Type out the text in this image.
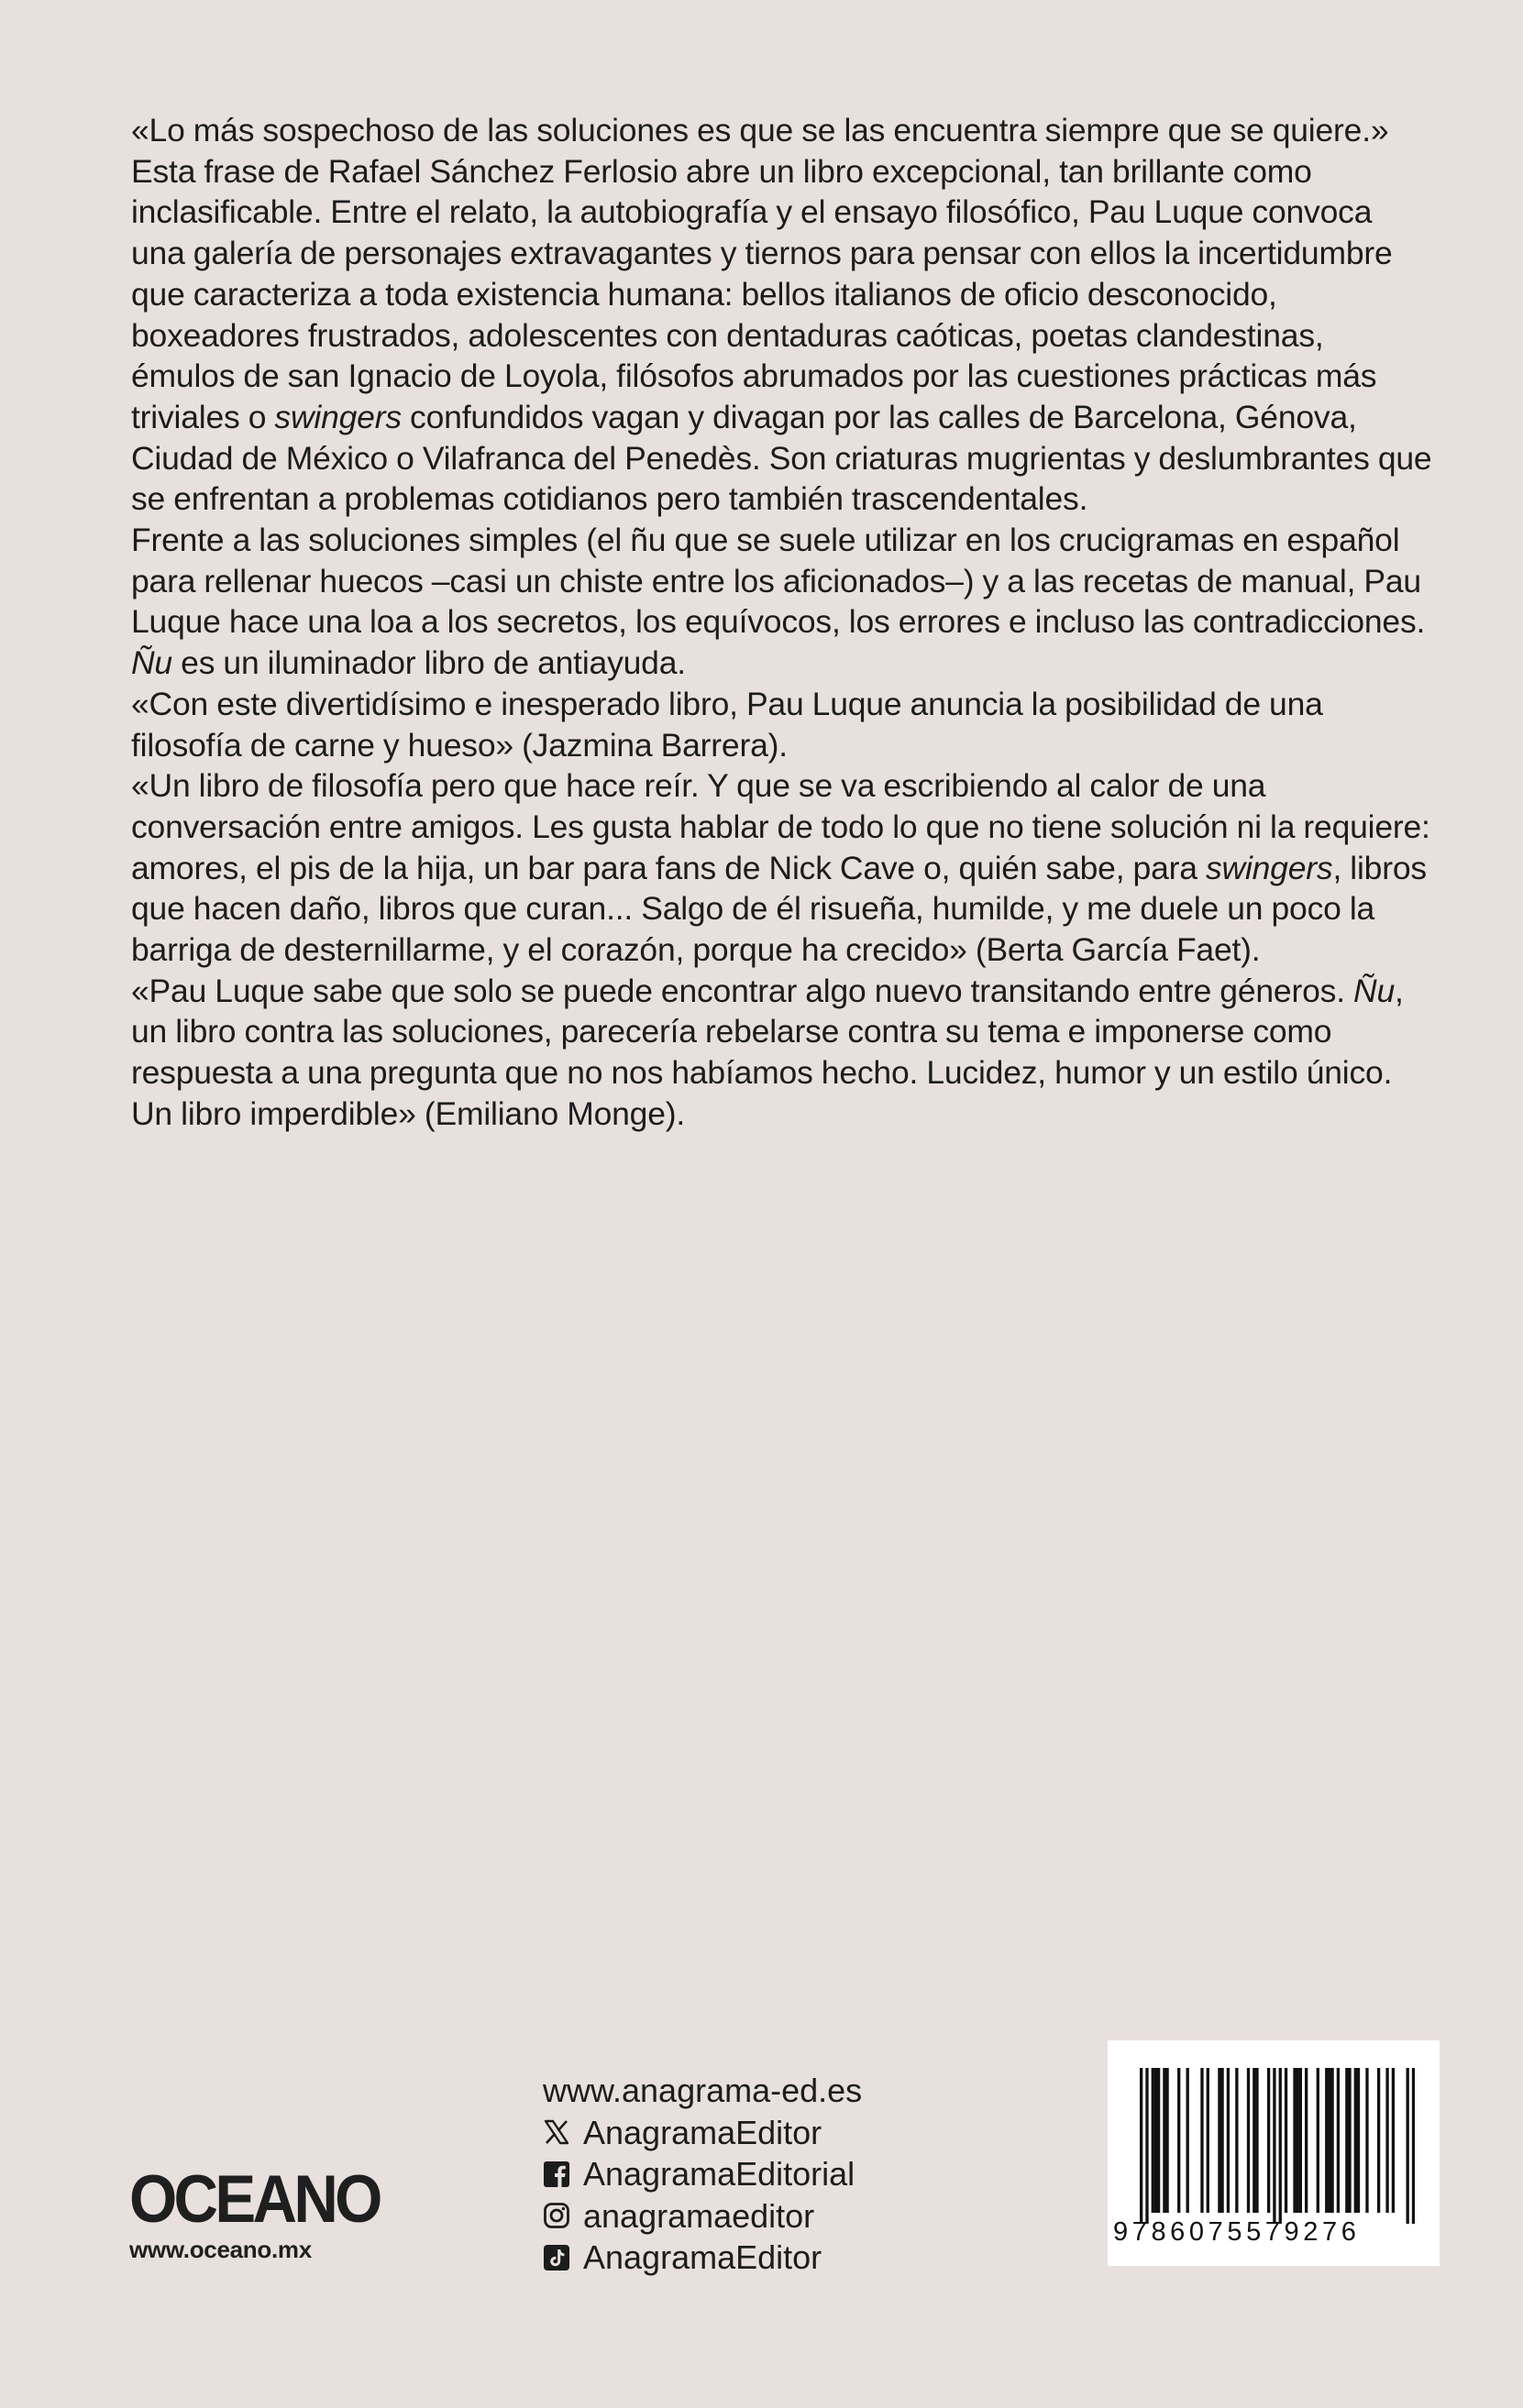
«Lo más sospechoso de las soluciones es que se las encuentra siempre que se quiere.» Esta frase de Rafael Sánchez Ferlosio abre un libro excepcional, tan brillante como inclasificable. Entre el relato, la autobiografía y el ensayo filosófico, Pau Luque convoca una galería de personajes extravagantes y tiernos para pensar con ellos la incertidumbre que caracteriza a toda existencia humana: bellos italianos de oficio desconocido, boxeadores frustrados, adolescentes con dentaduras caóticas, poetas clandestinas, émulos de san Ignacio de Loyola, filósofos abrumados por las cuestiones prácticas más triviales o swingers confundidos vagan y divagan por las calles de Barcelona, Génova, Ciudad de México o Vilafranca del Penedès. Son criaturas mugrientas y deslumbrantes que se enfrentan a problemas cotidianos pero también trascendentales.

Frente a las soluciones simples (el ñu que se suele utilizar en los crucigramas en español para rellenar huecos –casi un chiste entre los aficionados–) y a las recetas de manual, Pau Luque hace una loa a los secretos, los equívocos, los errores e incluso las contradicciones. Ñu es un iluminador libro de antiayuda.

«Con este divertidísimo e inesperado libro, Pau Luque anuncia la posibilidad de una filosofía de carne y hueso» (Jazmina Barrera).

«Un libro de filosofía pero que hace reír. Y que se va escribiendo al calor de una conversación entre amigos. Les gusta hablar de todo lo que no tiene solución ni la requiere: amores, el pis de la hija, un bar para fans de Nick Cave o, quién sabe, para swingers, libros que hacen daño, libros que curan... Salgo de él risueña, humilde, y me duele un poco la barriga de desternillarme, y el corazón, porque ha crecido» (Berta García Faet).

«Pau Luque sabe que solo se puede encontrar algo nuevo transitando entre géneros. Ñu, un libro contra las soluciones, parecería rebelarse contra su tema e imponerse como respuesta a una pregunta que no nos habíamos hecho. Lucidez, humor y un estilo único. Un libro imperdible» (Emiliano Monge).

OCEANO
www.oceano.mx
www.anagrama-ed.es
AnagramaEditor
AnagramaEditorial
anagramaeditor
AnagramaEditor
9786075579276
